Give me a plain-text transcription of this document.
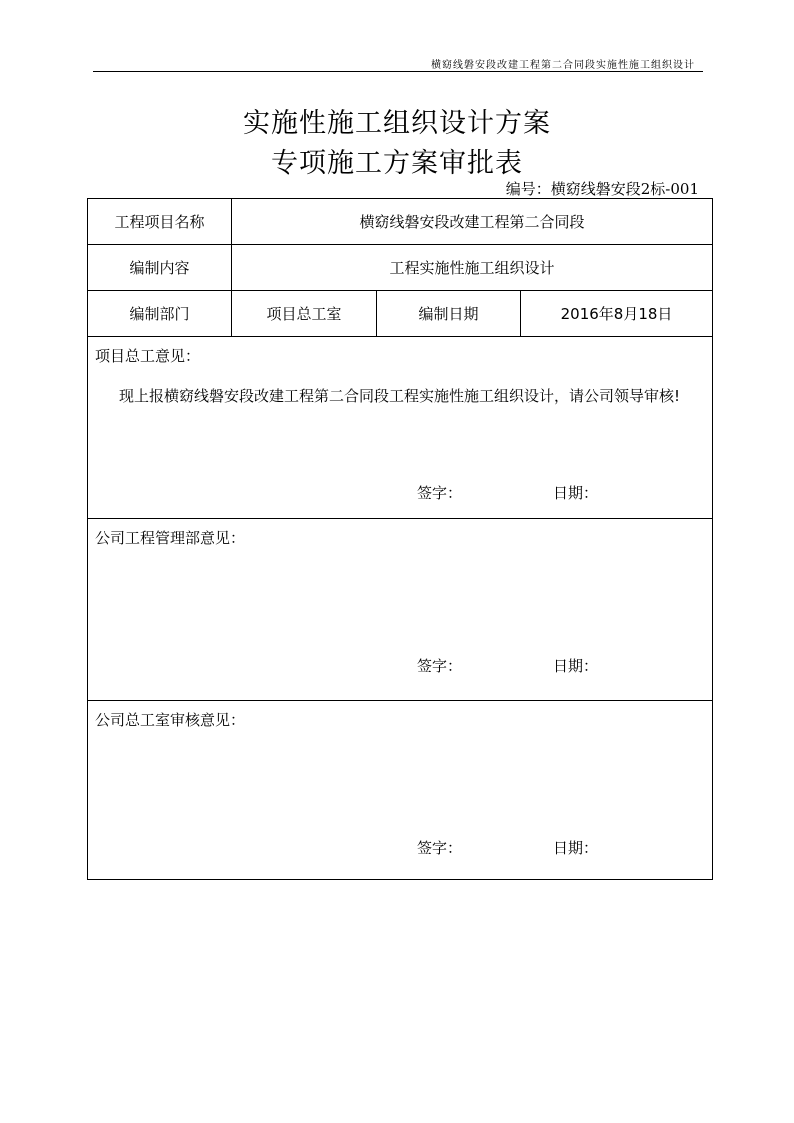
横窈线磐安段改建工程第二合同段实施性施工组织设计
实施性施工组织设计方案
专项施工方案审批表
编号：横窈线磐安段2标-001
工程项目名称	横窈线磐安段改建工程第二合同段		
编制内容	工程实施性施工组织设计		
编制部门	项目总工室	编制日期	2016年8月18日

项目总工意见：
现上报横窈线磐安段改建工程第二合同段工程实施性施工组织设计，请公司领导审核!
签字： 日期：			

公司工程管理部意见：
签字： 日期：			

公司总工室审核意见：
签字： 日期：			
